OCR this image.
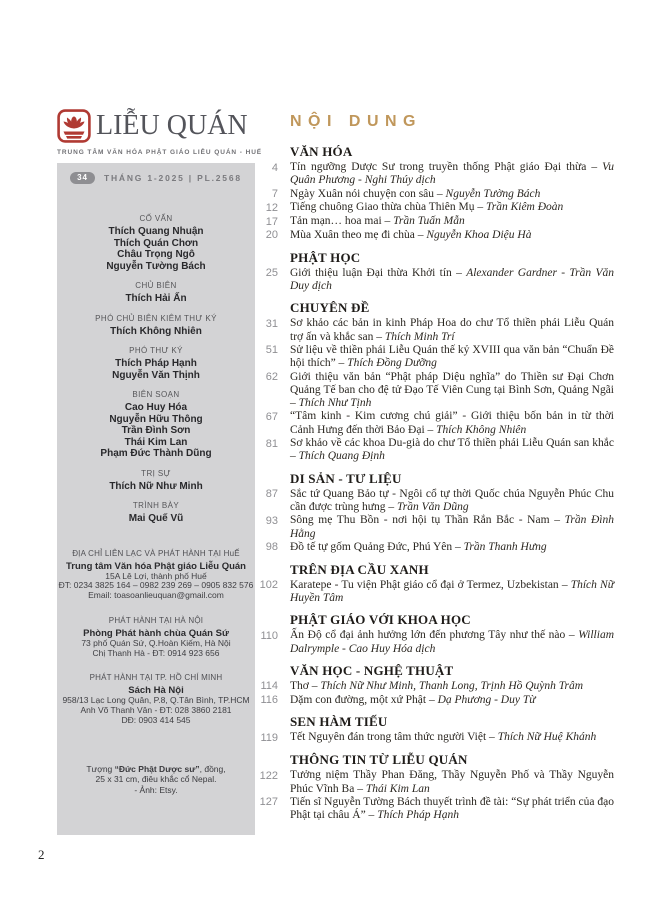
LIỄU QUÁN
TRUNG TÂM VĂN HÓA PHẬT GIÁO LIỄU QUÁN - HUẾ
34	THÁNG 1-2025 | PL.2568
CỐ VẤN
Thích Quang Nhuận
Thích Quán Chơn
Châu Trọng Ngô
Nguyễn Tường Bách
CHỦ BIÊN
Thích Hải Ấn
PHÓ CHỦ BIÊN KIÊM THƯ KÝ
Thích Không Nhiên
PHÓ THƯ KÝ
Thích Pháp Hạnh
Nguyễn Văn Thịnh
BIÊN SOẠN
Cao Huy Hóa
Nguyễn Hữu Thông
Trần Đình Sơn
Thái Kim Lan
Phạm Đức Thành Dũng
TRỊ SỰ
Thích Nữ Như Minh
TRÌNH BÀY
Mai Quế Vũ
ĐỊA CHỈ LIÊN LẠC VÀ PHÁT HÀNH TẠI HuẾ
Trung tâm Văn hóa Phật giáo Liễu Quán
15A Lê Lợi, thành phố Huế
ĐT: 0234 3825 164 – 0982 239 269 – 0905 832 576
Email: toasoanlieuquan@gmail.com
PHÁT HÀNH TẠI HÀ NỘI
Phòng Phát hành chùa Quán Sứ
73 phố Quán Sứ, Q.Hoàn Kiếm, Hà Nội
Chị Thanh Hà - ĐT: 0914 923 656
PHÁT HÀNH TẠI TP. HỒ CHÍ MINH
Sách Hà Nội
958/13 Lạc Long Quân, P.8, Q.Tân Bình, TP.HCM
Anh Võ Thanh Vân - ĐT: 028 3860 2181
DĐ: 0903 414 545
Tượng “Đức Phật Dược sư”, đồng,
25 x 31 cm, điêu khắc cổ Nepal.
- Ảnh: Etsy.
NỘI DUNG
VĂN HÓA
4 Tín ngưỡng Dược Sư trong truyền thống Phật giáo Đại thừa – Vu Quân Phương - Nghi Thúy dịch
7 Ngày Xuân nói chuyện con sâu – Nguyễn Tường Bách
12 Tiếng chuông Giao thừa chùa Thiên Mụ – Trần Kiêm Đoàn
17 Tản mạn… hoa mai – Trần Tuấn Mẫn
20 Mùa Xuân theo mẹ đi chùa – Nguyễn Khoa Diệu Hà
PHẬT HỌC
25 Giới thiệu luận Đại thừa Khởi tín – Alexander Gardner - Trần Văn Duy dịch
CHUYÊN ĐỀ
31 Sơ khảo các bản in kinh Pháp Hoa do chư Tổ thiền phái Liễu Quán trợ ấn và khắc san – Thích Minh Trí
51 Sử liệu về thiền phái Liễu Quán thế kỷ XVIII qua văn bản “Chuẩn Đề hội thích” – Thích Đồng Dưỡng
62 Giới thiệu văn bản “Phật pháp Diệu nghĩa” do Thiền sư Đại Chơn Quảng Tế ban cho đệ tử Đạo Tế Viên Cung tại Bình Sơn, Quảng Ngãi – Thích Như Tịnh
67 “Tâm kinh - Kim cương chú giải” - Giới thiệu bốn bản in từ thời Cảnh Hưng đến thời Bảo Đại – Thích Không Nhiên
81 Sơ khảo về các khoa Du-già do chư Tổ thiền phái Liễu Quán san khắc – Thích Quang Định
DI SẢN - TƯ LIỆU
87 Sắc tứ Quang Bảo tự - Ngôi cổ tự thời Quốc chúa Nguyễn Phúc Chu cần được trùng hưng – Trần Văn Dũng
93 Sông mẹ Thu Bồn - nơi hội tụ Thần Rắn Bắc - Nam – Trần Đình Hằng
98 Đồ tế tự gốm Quảng Đức, Phú Yên – Trần Thanh Hưng
TRÊN ĐỊA CẦU XANH
102 Karatepe - Tu viện Phật giáo cổ đại ở Termez, Uzbekistan – Thích Nữ Huyền Tâm
PHẬT GIÁO VỚI KHOA HỌC
110 Ấn Độ cổ đại ảnh hưởng lớn đến phương Tây như thế nào – William Dalrymple - Cao Huy Hóa dịch
VĂN HỌC - NGHỆ THUẬT
114 Thơ – Thích Nữ Như Minh, Thanh Long, Trịnh Hồ Quỳnh Trâm
116 Dặm con đường, một xứ Phật – Dạ Phương - Duy Từ
SEN HÀM TIẾU
119 Tết Nguyên đán trong tâm thức người Việt – Thích Nữ Huệ Khánh
THÔNG TIN TỪ LIỄU QUÁN
122 Tưởng niệm Thầy Phan Đăng, Thầy Nguyễn Phố và Thầy Nguyễn Phúc Vĩnh Ba – Thái Kim Lan
127 Tiến sĩ Nguyễn Tường Bách thuyết trình đề tài: “Sự phát triển của đạo Phật tại châu Á” – Thích Pháp Hạnh
2
